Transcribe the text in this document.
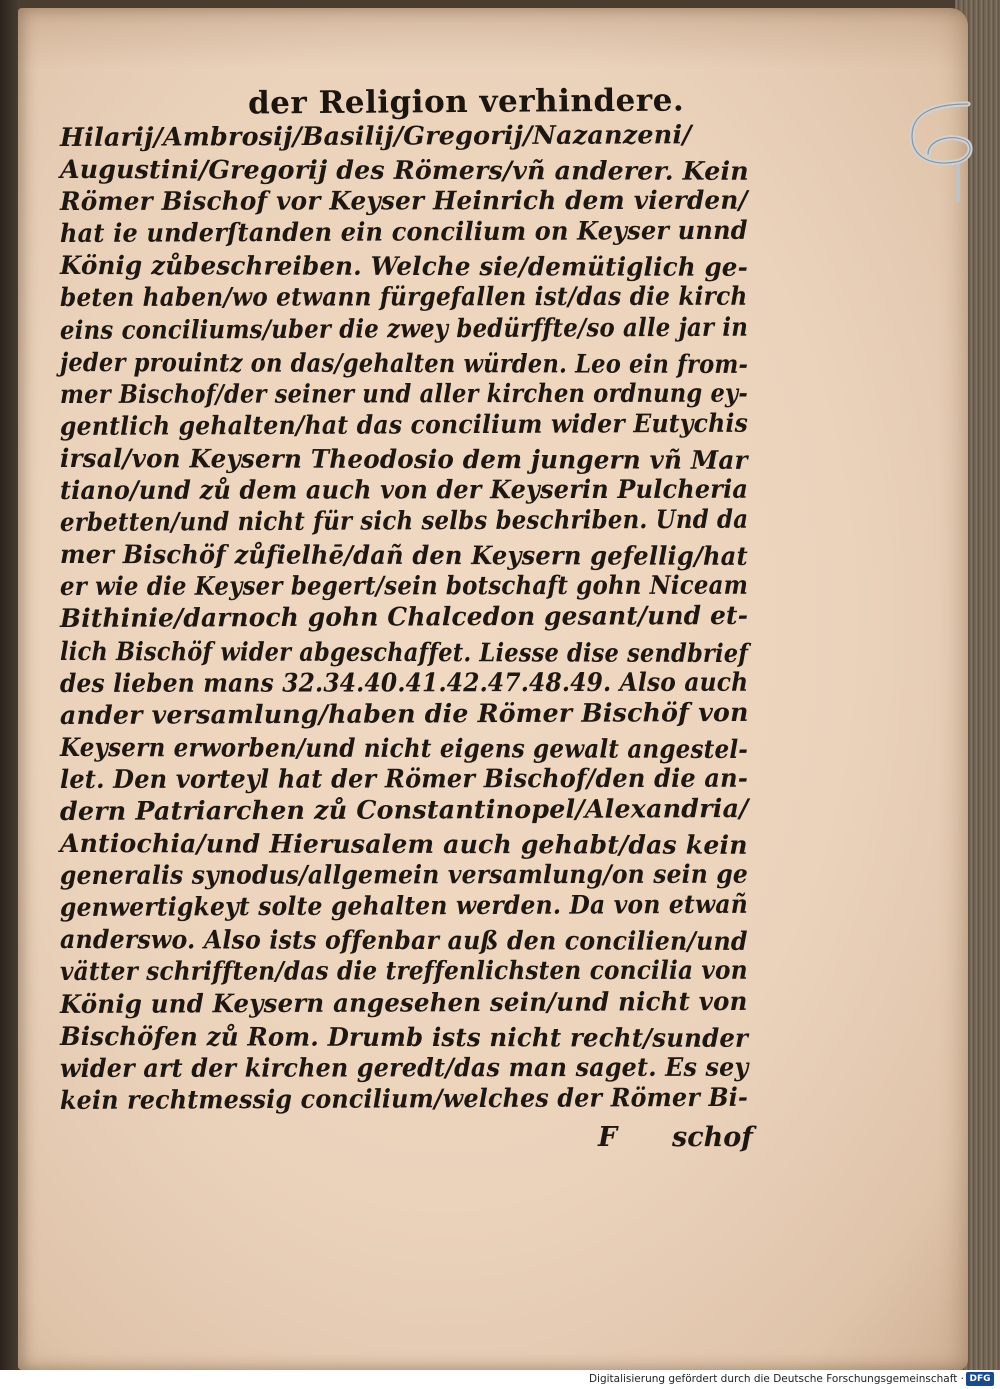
der Religion verhindere.
Hilarij/Ambrosij/Basilij/Gregorij/Nazanzeni/
Augustini/Gregorij des Römers/vñ anderer. Kein
Römer Bischof vor Keyser Heinrich dem vierden/
hat ie underſtanden ein concilium on Keyser unnd
König zůbeschreiben. Welche sie/demütiglich ge‑
beten haben/wo etwann fürgefallen ist/das die kirch
eins conciliums/uber die zwey bedürffte/so alle jar in
jeder prouintz on das/gehalten würden. Leo ein from‑
mer Bischof/der seiner und aller kirchen ordnung ey‑
gentlich gehalten/hat das concilium wider Eutychis
irsal/von Keysern Theodosio dem jungern vñ Mar
tiano/und zů dem auch von der Keyserin Pulcheria
erbetten/und nicht für sich selbs beschriben. Und da
mer Bischöf zůfielhē/dañ den Keysern gefellig/hat
er wie die Keyser begert/sein botschaft gohn Niceam
Bithinie/darnoch gohn Chalcedon gesant/und et‑
lich Bischöf wider abgeschaffet. Liesse dise sendbrief
des lieben mans 32.34.40.41.42.47.48.49. Also auch
ander versamlung/haben die Römer Bischöf von
Keysern erworben/und nicht eigens gewalt angestel‑
let. Den vorteyl hat der Römer Bischof/den die an‑
dern Patriarchen zů Constantinopel/Alexandria/
Antiochia/und Hierusalem auch gehabt/das kein
generalis synodus/allgemein versamlung/on sein ge
genwertigkeyt solte gehalten werden. Da von etwañ
anderswo. Also ists offenbar auß den concilien/und
vätter schrifften/das die treffenlichsten concilia von
König und Keysern angesehen sein/und nicht von
Bischöfen zů Rom. Drumb ists nicht recht/sunder
wider art der kirchen geredt/das man saget. Es sey
kein rechtmessig concilium/welches der Römer Bi‑
F schof
Digitalisierung gefördert durch die Deutsche Forschungsgemeinschaft · DFG
